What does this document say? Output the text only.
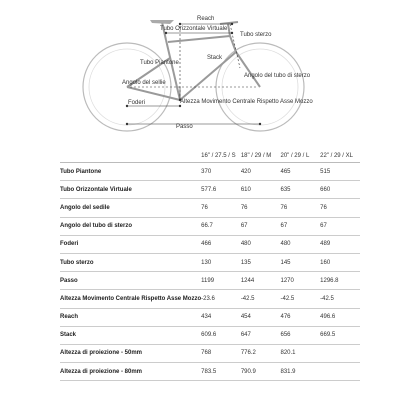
Reach
Tubo Orizzontale Virtuale
Tubo sterzo
Tubo Piantone
Stack
Angolo del sellie
Angolo del tubo di sterzo
Foderi	Altezza Movimento Centrale Rispetto Asse Mozzo
Passo
	16" / 27.5 / S	18" / 29 / M	20" / 29 / L	22" / 29 / XL
Tubo Piantone	370	420	465	515
Tubo Orizzontale Virtuale	577.6	610	635	660
Angolo del sedile	76	76	76	76
Angolo del tubo di sterzo	66.7	67	67	67
Foderi	466	480	480	489
Tubo sterzo	130	135	145	160
Passo	1199	1244	1270	1296.8
Altezza Movimento Centrale Rispetto Asse Mozzo	-23.6	-42.5	-42.5	-42.5
Reach	434	454	476	496.6
Stack	609.6	647	656	669.5
Altezza di proiezione - 50mm	768	776.2	820.1	
Altezza di proiezione - 80mm	783.5	790.9	831.9	
